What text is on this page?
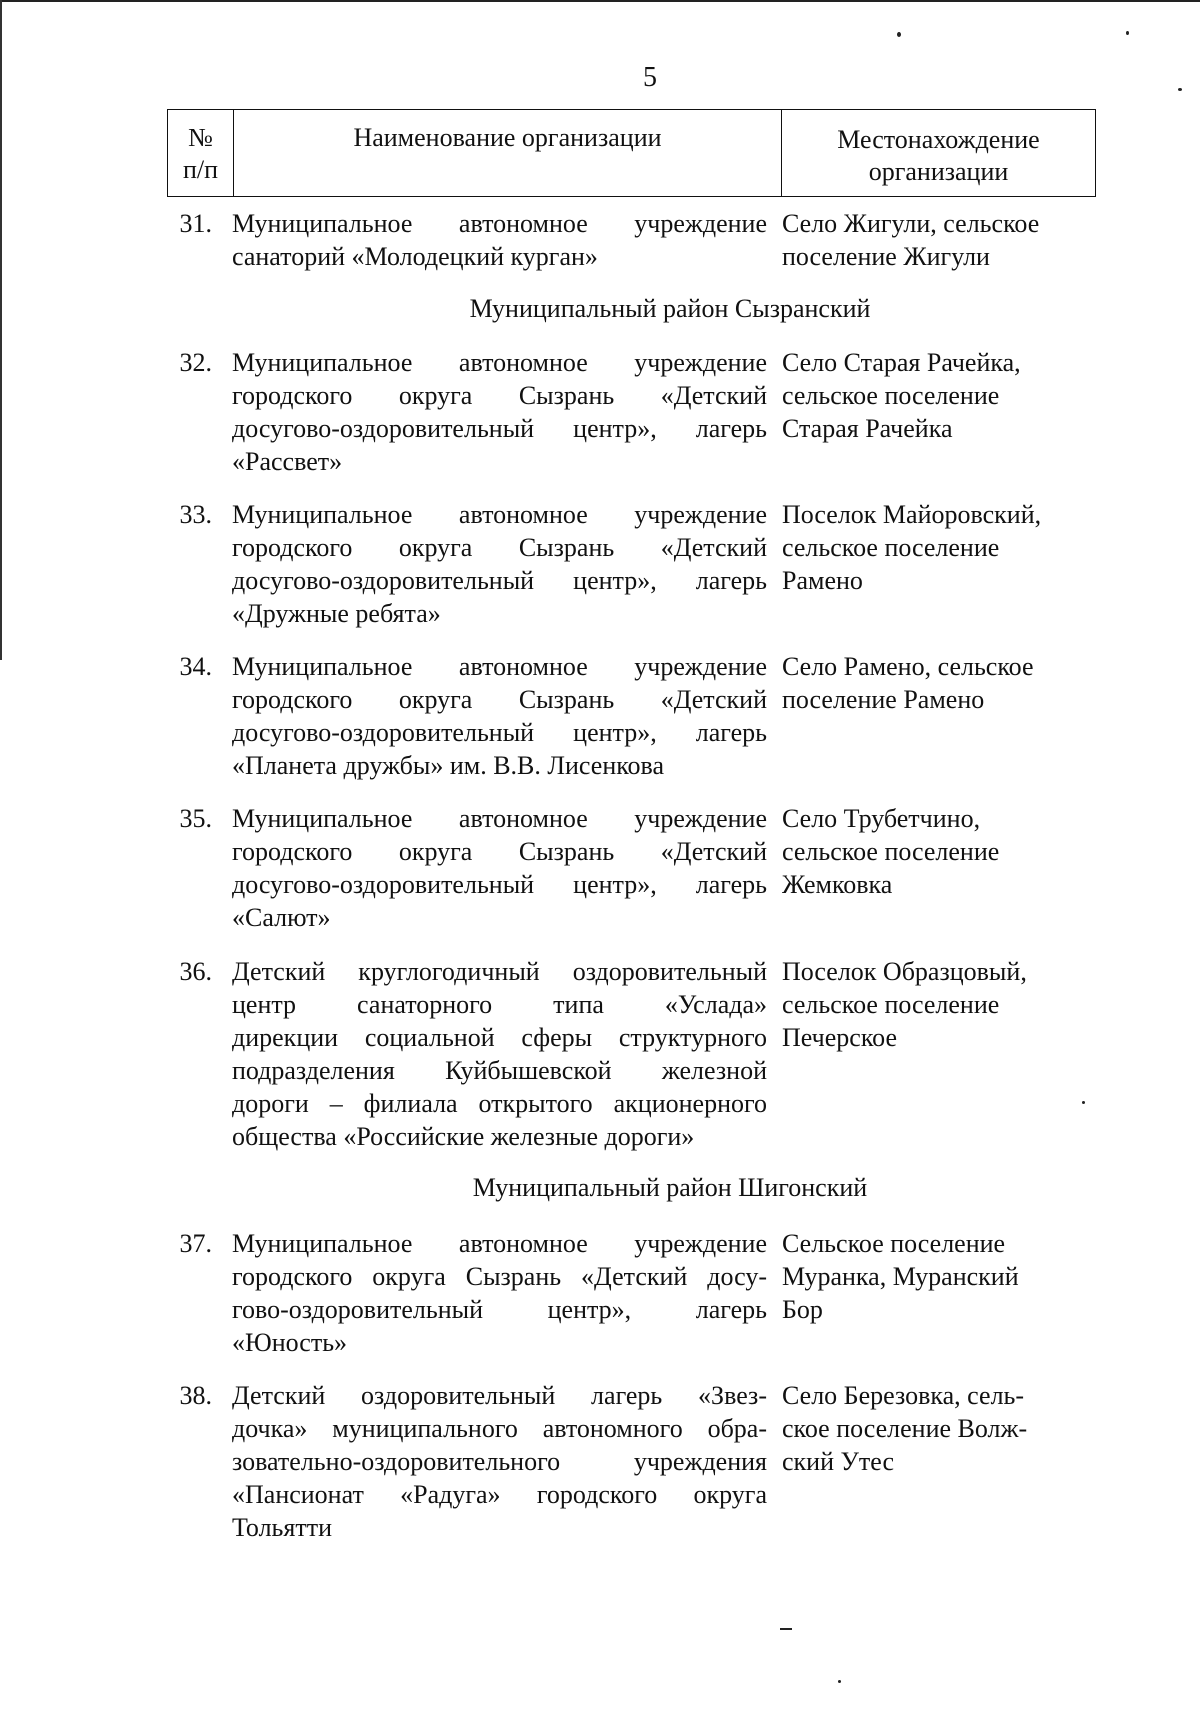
5
№
п/п
Наименование организации	Местонахождение
организации
31. Муниципальное автономное учреждение
санаторий «Молодецкий курган»
Село Жигули, сельское
поселение Жигули
Муниципальный район Сызранский
32. Муниципальное автономное учреждение
городского округа Сызрань «Детский
досугово-оздоровительный центр», лагерь
«Рассвет»
Село Старая Рачейка,
сельское поселение
Старая Рачейка
33. Муниципальное автономное учреждение
городского округа Сызрань «Детский
досугово-оздоровительный центр», лагерь
«Дружные ребята»
Поселок Майоровский,
сельское поселение
Рамено
34. Муниципальное автономное учреждение
городского округа Сызрань «Детский
досугово-оздоровительный центр», лагерь
«Планета дружбы» им. В.В. Лисенкова
Село Рамено, сельское
поселение Рамено
35. Муниципальное автономное учреждение
городского округа Сызрань «Детский
досугово-оздоровительный центр», лагерь
«Салют»
Село Трубетчино,
сельское поселение
Жемковка
36. Детский круглогодичный оздоровительный
центр санаторного типа «Услада»
дирекции социальной сферы структурного
подразделения Куйбышевской железной
дороги – филиала открытого акционерного
общества «Российские железные дороги»
Поселок Образцовый,
сельское поселение
Печерское
Муниципальный район Шигонский
37. Муниципальное автономное учреждение
городского округа Сызрань «Детский досу-
гово-оздоровительный центр», лагерь
«Юность»
Сельское поселение
Муранка, Муранский
Бор
38. Детский оздоровительный лагерь «Звез-
дочка» муниципального автономного обра-
зовательно-оздоровительного учреждения
«Пансионат «Радуга» городского округа
Тольятти
Село Березовка, сель-
ское поселение Волж-
ский Утес
